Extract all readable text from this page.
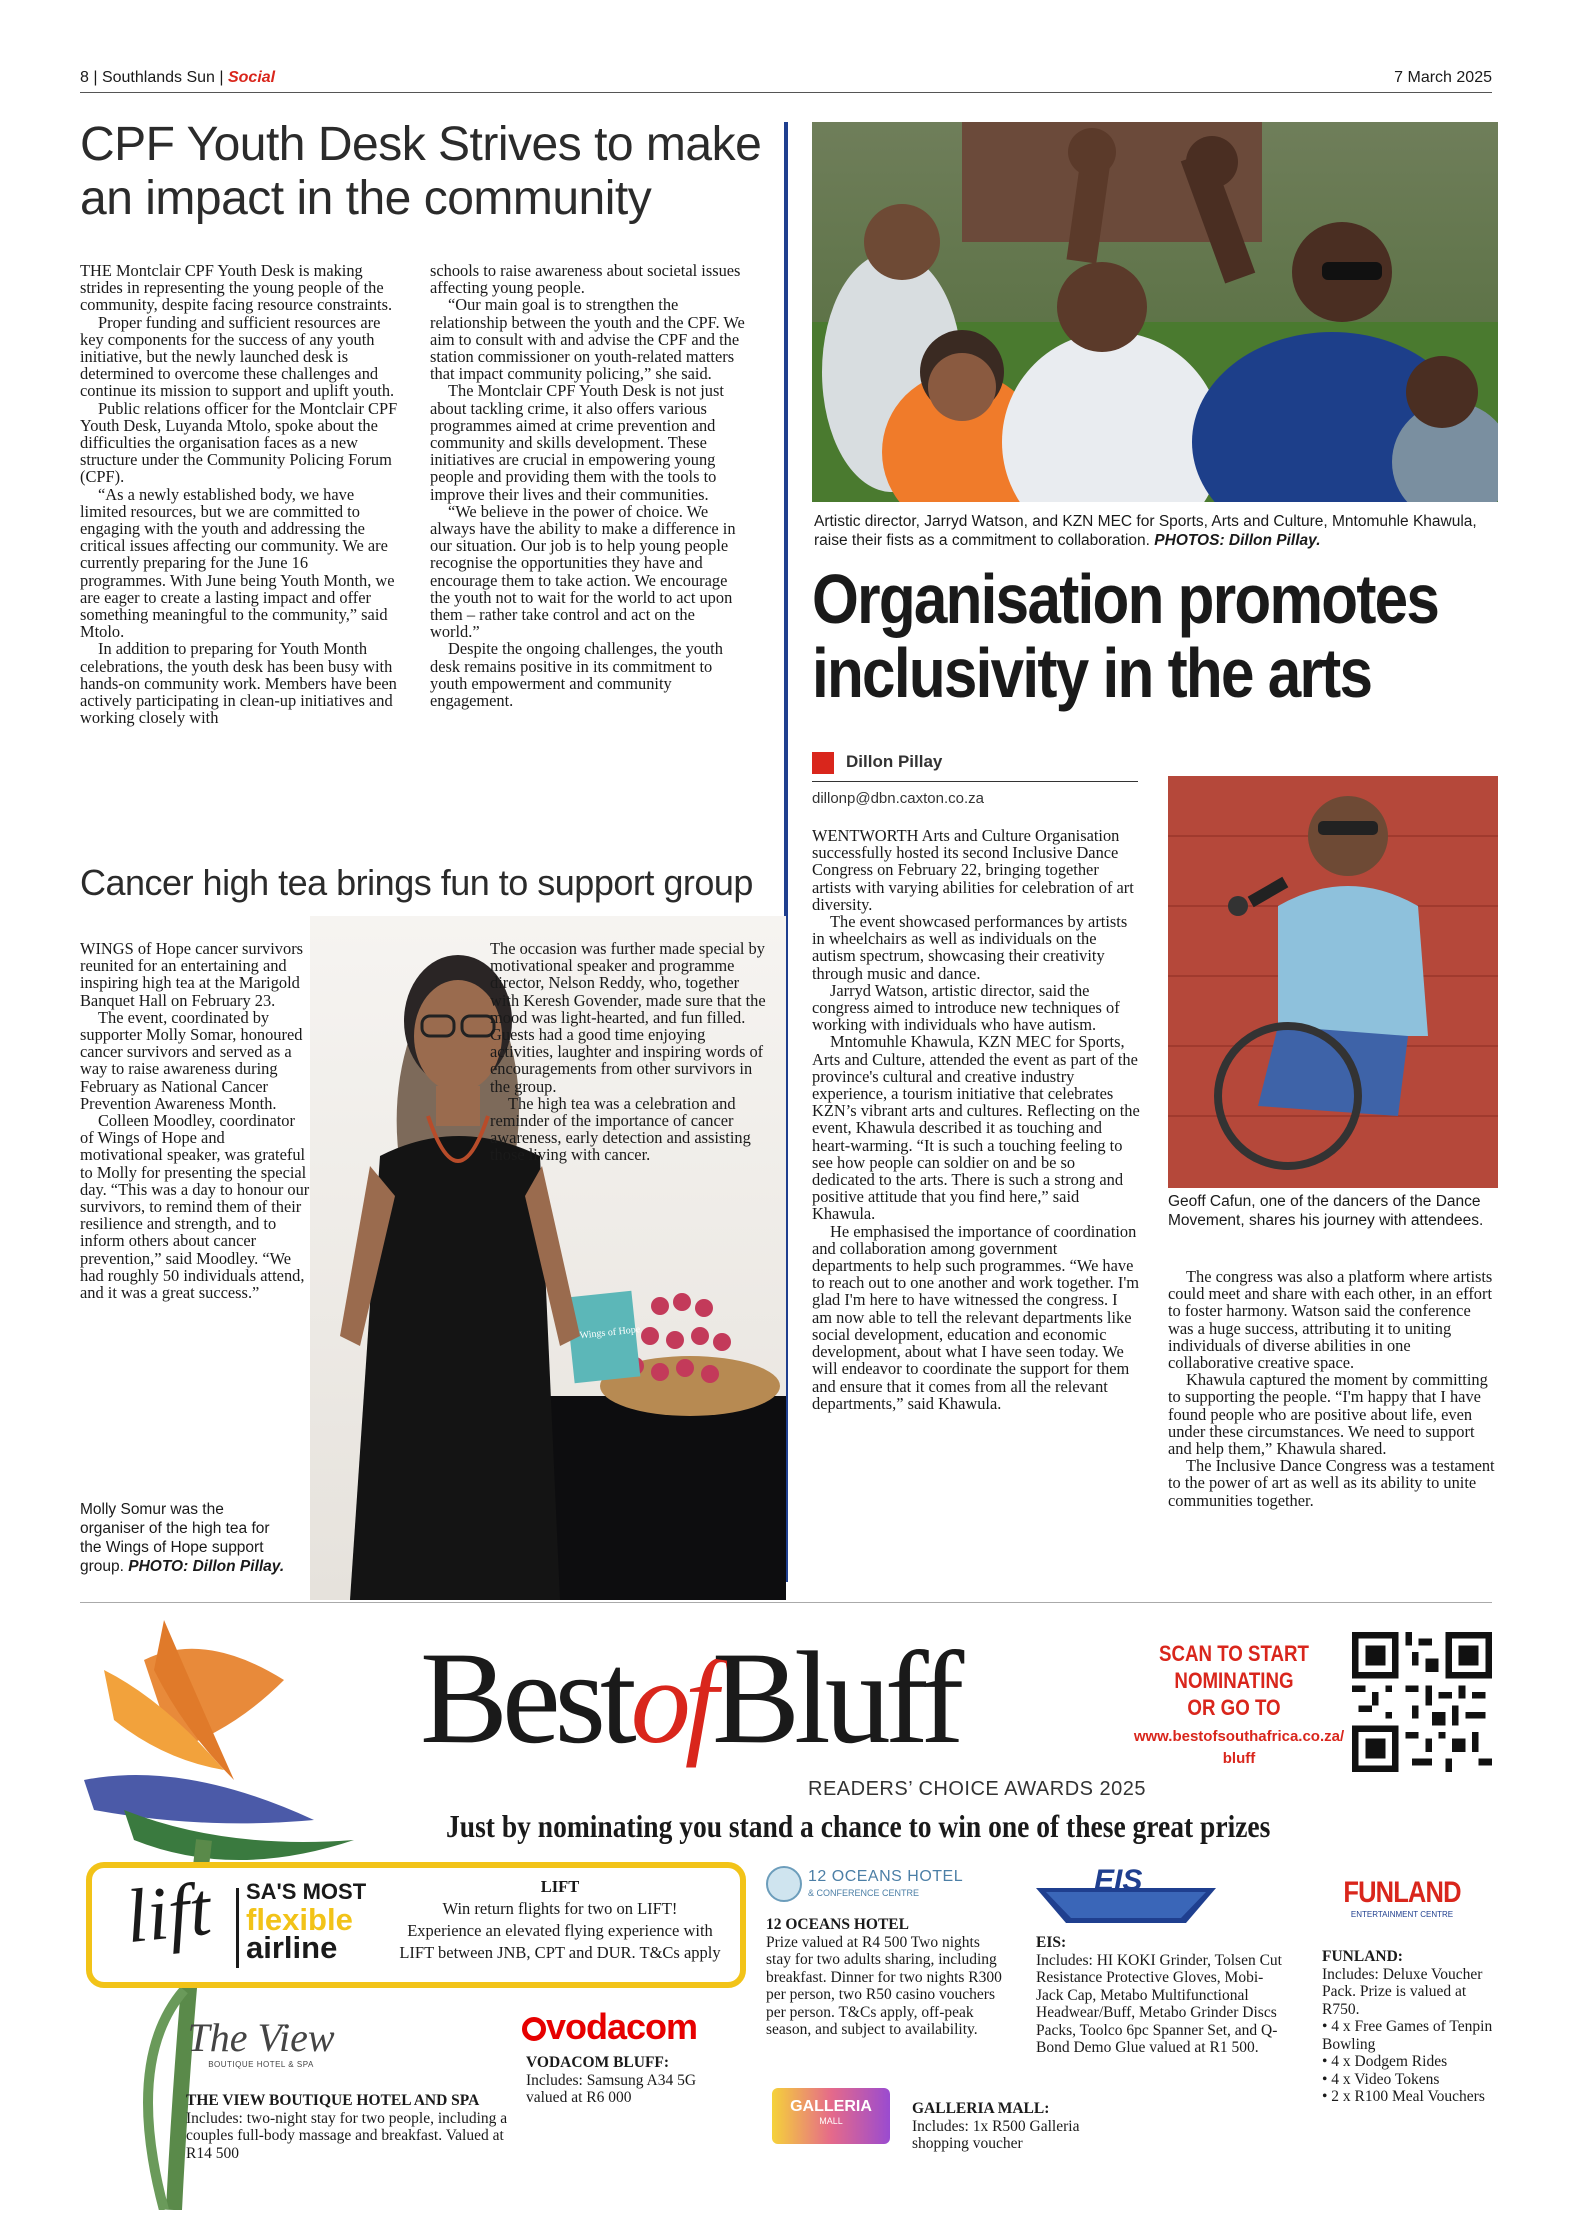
8 | Southlands Sun | Social	7 March 2025
CPF Youth Desk Strives to make
an impact in the community

THE Montclair CPF Youth Desk is making strides in representing the young people of the community, despite facing resource constraints.

Proper funding and sufficient resources are key components for the success of any youth initiative, but the newly launched desk is determined to overcome these challenges and continue its mission to support and uplift youth.

Public relations officer for the Montclair CPF Youth Desk, Luyanda Mtolo, spoke about the difficulties the organisation faces as a new structure under the Community Policing Forum (CPF).

“As a newly established body, we have limited resources, but we are committed to engaging with the youth and addressing the critical issues affecting our community. We are currently preparing for the June 16 programmes. With June being Youth Month, we are eager to create a lasting impact and offer something meaningful to the community,” said Mtolo.

In addition to preparing for Youth Month celebrations, the youth desk has been busy with hands-on community work. Members have been actively participating in clean-up initiatives and working closely with

schools to raise awareness about societal issues affecting young people.

“Our main goal is to strengthen the relationship between the youth and the CPF. We aim to consult with and advise the CPF and the station commissioner on youth-related matters that impact community policing,” she said.

The Montclair CPF Youth Desk is not just about tackling crime, it also offers various programmes aimed at crime prevention and community and skills development. These initiatives are crucial in empowering young people and providing them with the tools to improve their lives and their communities.

“We believe in the power of choice. We always have the ability to make a difference in our situation. Our job is to help young people recognise the opportunities they have and encourage them to take action. We encourage the youth not to wait for the world to act upon them – rather take control and act on the world.”

Despite the ongoing challenges, the youth desk remains positive in its commitment to youth empowerment and community engagement.

Cancer high tea brings fun to support group
Wings of Hope

WINGS of Hope cancer survivors reunited for an entertaining and inspiring high tea at the Marigold Banquet Hall on February 23.

The event, coordinated by supporter Molly Somar, honoured cancer survivors and served as a way to raise awareness during February as National Cancer Prevention Awareness Month.

Colleen Moodley, coordinator of Wings of Hope and motivational speaker, was grateful to Molly for presenting the special day. “This was a day to honour our survivors, to remind them of their resilience and strength, and to inform others about cancer prevention,” said Moodley. “We had roughly 50 individuals attend, and it was a great success.”

The occasion was further made special by motivational speaker and programme director, Nelson Reddy, who, together with Keresh Govender, made sure that the mood was light-hearted, and fun filled. Guests had a good time enjoying activities, laughter and inspiring words of encouragements from other survivors in the group.

The high tea was a celebration and reminder of the importance of cancer awareness, early detection and assisting those living with cancer.

Molly Somur was the organiser of the high tea for the Wings of Hope support group. PHOTO: Dillon Pillay.
Artistic director, Jarryd Watson, and KZN MEC for Sports, Arts and Culture, Mntomuhle Khawula, raise their fists as a commitment to collaboration. PHOTOS: Dillon Pillay.
Organisation promotes
inclusivity in the arts
Dillon Pillay
dillonp@dbn.caxton.co.za

WENTWORTH Arts and Culture Organisation successfully hosted its second Inclusive Dance Congress on February 22, bringing together artists with varying abilities for celebration of art diversity.

The event showcased performances by artists in wheelchairs as well as individuals on the autism spectrum, showcasing their creativity through music and dance.

Jarryd Watson, artistic director, said the congress aimed to introduce new techniques of working with individuals who have autism.

Mntomuhle Khawula, KZN MEC for Sports, Arts and Culture, attended the event as part of the province's cultural and creative industry experience, a tourism initiative that celebrates KZN’s vibrant arts and cultures. Reflecting on the event, Khawula described it as touching and heart-warming. “It is such a touching feeling to see how people can soldier on and be so dedicated to the arts. There is such a strong and positive attitude that you find here,” said Khawula.

He emphasised the importance of coordination and collaboration among government departments to help such programmes. “We have to reach out to one another and work together. I'm glad I'm here to have witnessed the congress. I am now able to tell the relevant departments like social development, education and economic development, about what I have seen today. We will endeavor to coordinate the support for them and ensure that it comes from all the relevant departments,” said Khawula.

Geoff Cafun, one of the dancers of the Dance Movement, shares his journey with attendees.

The congress was also a platform where artists could meet and share with each other, in an effort to foster harmony. Watson said the conference was a huge success, attributing it to uniting individuals of diverse abilities in one collaborative creative space.

Khawula captured the moment by committing to supporting the people. “I'm happy that I have found people who are positive about life, even under these circumstances. We need to support and help them,” Khawula shared.

The Inclusive Dance Congress was a testament to the power of art as well as its ability to unite communities together.

BestofBluff
READERS’ CHOICE AWARDS 2025
SCAN TO START
NOMINATING
OR GO TO
www.bestofsouthafrica.co.za/
bluff
Just by nominating you stand a chance to win one of these great prizes
lift SA'S MOST
flexible
airline
LIFT
Win return flights for two on LIFT!
Experience an elevated flying experience with
LIFT between JNB, CPT and DUR. T&Cs apply
12 OCEANS HOTEL
& CONFERENCE CENTRE
12 OCEANS HOTEL
Prize valued at R4 500 Two nights stay for two adults sharing, including breakfast. Dinner for two nights R300 per person, two R50 casino vouchers per person. T&Cs apply, off-peak season, and subject to availability.
EIS
EIS:
Includes: HI KOKI Grinder, Tolsen Cut Resistance Protective Gloves, Mobi-Jack Cap, Metabo Multifunctional Headwear/Buff, Metabo Grinder Discs Packs, Toolco 6pc Spanner Set, and Q-Bond Demo Glue valued at R1 500.
FUNLAND
ENTERTAINMENT CENTRE
FUNLAND:
Includes: Deluxe Voucher Pack. Prize is valued at R750.
• 4 x Free Games of Tenpin Bowling
• 4 x Dodgem Rides
• 4 x Video Tokens
• 2 x R100 Meal Vouchers
The View
BOUTIQUE HOTEL & SPA
THE VIEW BOUTIQUE HOTEL AND SPA
Includes: two-night stay for two people, including a couples full-body massage and breakfast. Valued at R14 500
vodacom
VODACOM BLUFF:
Includes: Samsung A34 5G valued at R6 000
GALLERIA
MALL
GALLERIA MALL:
Includes: 1x R500 Galleria shopping voucher
